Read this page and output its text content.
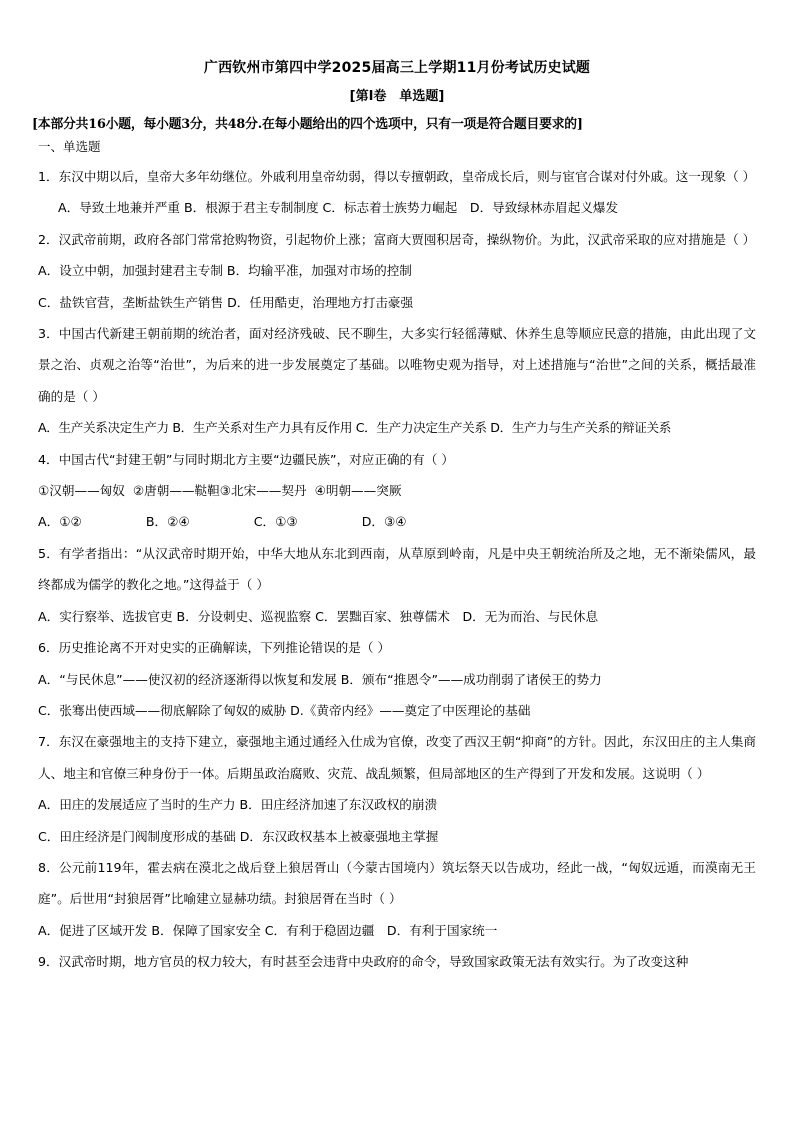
广西钦州市第四中学2025届高三上学期11月份考试历史试题
[第Ⅰ卷　单选题]
[本部分共16小题，每小题3分，共48分.在每小题给出的四个选项中，只有一项是符合题目要求的]
一、单选题

1．东汉中期以后，皇帝大多年幼继位。外戚利用皇帝幼弱，得以专擅朝政，皇帝成长后，则与宦官合谋对付外戚。这一现象（ ）

A．导致土地兼并严重 B．根源于君主专制制度 C．标志着士族势力崛起　D．导致绿林赤眉起义爆发

2．汉武帝前期，政府各部门常常抢购物资，引起物价上涨；富商大贾囤积居奇，操纵物价。为此，汉武帝采取的应对措施是（ ）

A．设立中朝，加强封建君主专制 B．均输平准，加强对市场的控制

C．盐铁官营，垄断盐铁生产销售 D．任用酷吏，治理地方打击豪强

3．中国古代新建王朝前期的统治者，面对经济残破、民不聊生，大多实行轻徭薄赋、休养生息等顺应民意的措施，由此出现了文景之治、贞观之治等“治世”，为后来的进一步发展奠定了基础。以唯物史观为指导，对上述措施与“治世”之间的关系，概括最准确的是（ ）

A．生产关系决定生产力 B．生产关系对生产力具有反作用 C．生产力决定生产关系 D．生产力与生产关系的辩证关系

4．中国古代“封建王朝”与同时期北方主要“边疆民族”，对应正确的有（ ）

①汉朝——匈奴  ②唐朝——鞑靼③北宋——契丹  ④明朝——突厥

A．①②                B．②④                C．①③                D．③④

5．有学者指出：“从汉武帝时期开始，中华大地从东北到西南，从草原到岭南，凡是中央王朝统治所及之地，无不渐染儒风，最终都成为儒学的教化之地。”这得益于（ ）

A．实行察举、选拔官吏 B．分设刺史、巡视监察 C．罢黜百家、独尊儒术　D．无为而治、与民休息

6．历史推论离不开对史实的正确解读，下列推论错误的是（ ）

A．“与民休息”——使汉初的经济逐渐得以恢复和发展 B．颁布“推恩令”——成功削弱了诸侯王的势力

C．张骞出使西域——彻底解除了匈奴的威胁 D.《黄帝内经》——奠定了中医理论的基础

7．东汉在豪强地主的支持下建立，豪强地主通过通经入仕成为官僚，改变了西汉王朝“抑商”的方针。因此，东汉田庄的主人集商人、地主和官僚三种身份于一体。后期虽政治腐败、灾荒、战乱频繁，但局部地区的生产得到了开发和发展。这说明（ ）

A．田庄的发展适应了当时的生产力 B．田庄经济加速了东汉政权的崩溃

C．田庄经济是门阀制度形成的基础 D．东汉政权基本上被豪强地主掌握

8．公元前119年，霍去病在漠北之战后登上狼居胥山（今蒙古国境内）筑坛祭天以告成功，经此一战，“匈奴远遁，而漠南无王庭”。后世用“封狼居胥”比喻建立显赫功绩。封狼居胥在当时（ ）

A．促进了区域开发 B．保障了国家安全 C．有利于稳固边疆　D．有利于国家统一

9．汉武帝时期，地方官员的权力较大，有时甚至会违背中央政府的命令，导致国家政策无法有效实行。为了改变这种
